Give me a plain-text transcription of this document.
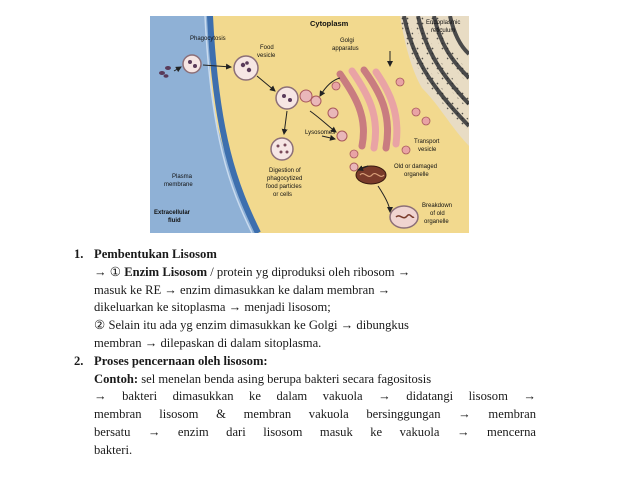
Cytoplasm	Endoplasmic
reticulum
Phagocytosis
Food
vesicle
Golgi
apparatus
Lysosomes
Transport
vesicle
Old or damaged
organelle
Digestion of
phagocytized
food particles
or cells
Plasma
membrane
Extracellular
fluid
Breakdown
of old
organelle
1. Pembentukan Lisosom
→ ① Enzim Lisosom / protein yg diproduksi oleh ribosom →
masuk ke RE → enzim dimasukkan ke dalam membran →
dikeluarkan ke sitoplasma → menjadi lisosom;
② Selain itu ada yg enzim dimasukkan ke Golgi → dibungkus
membran → dilepaskan di dalam sitoplasma.
2. Proses pencernaan oleh lisosom:
Contoh: sel menelan benda asing berupa bakteri secara fagositosis
→ bakteri dimasukkan ke dalam vakuola → didatangi lisosom →
membran lisosom & membran vakuola bersinggungan → membran
bersatu → enzim dari lisosom masuk ke vakuola → mencerna
bakteri.
